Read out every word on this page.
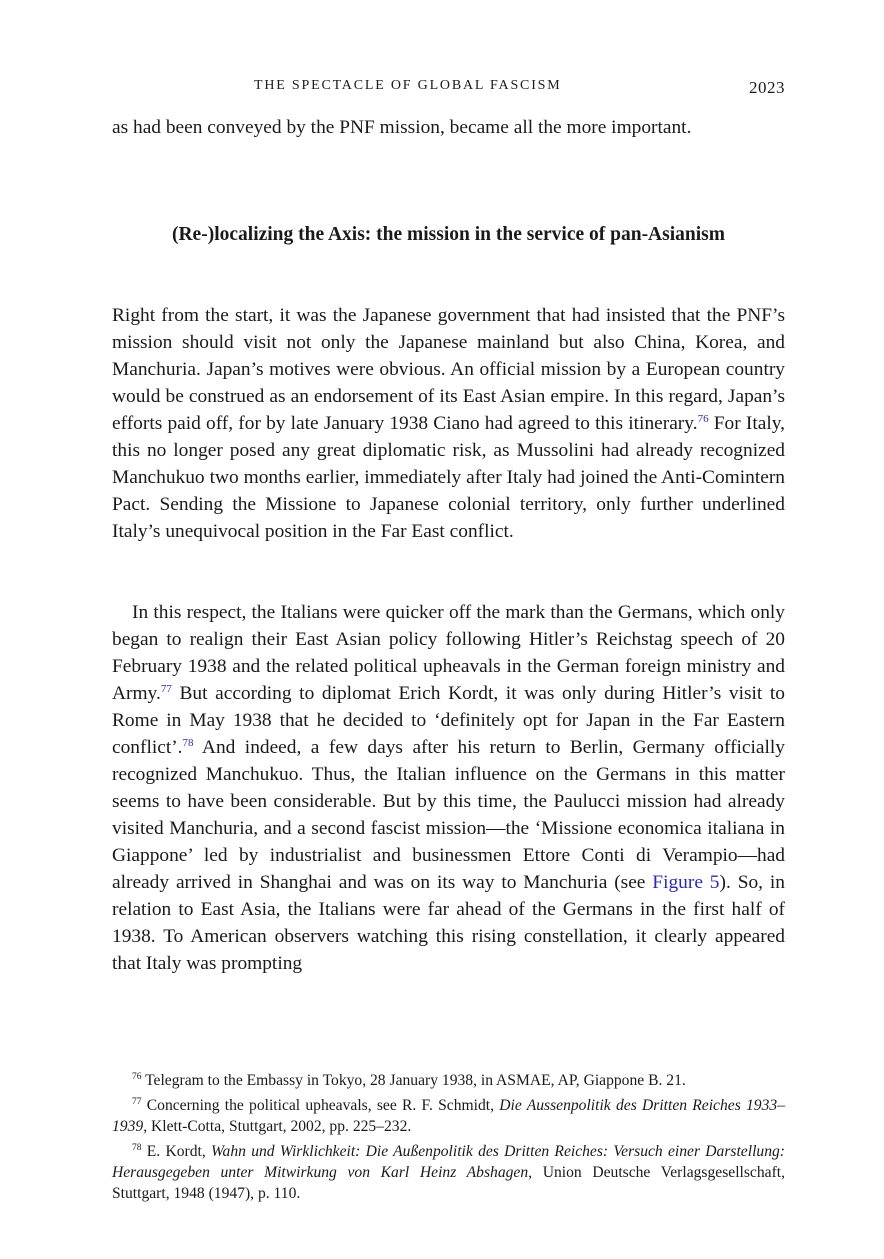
THE SPECTACLE OF GLOBAL FASCISM	2023

as had been conveyed by the PNF mission, became all the more important.

(Re-)localizing the Axis: the mission in the service of pan-Asianism

Right from the start, it was the Japanese government that had insisted that the PNF’s mission should visit not only the Japanese mainland but also China, Korea, and Manchuria. Japan’s motives were obvious. An official mission by a European country would be construed as an endorsement of its East Asian empire. In this regard, Japan’s efforts paid off, for by late January 1938 Ciano had agreed to this itinerary.$^{76}$ For Italy, this no longer posed any great diplomatic risk, as Mussolini had already recognized Manchukuo two months earlier, immediately after Italy had joined the Anti-Comintern Pact. Sending the Missione to Japanese colonial territory, only further underlined Italy’s unequivocal position in the Far East conflict.

In this respect, the Italians were quicker off the mark than the Germans, which only began to realign their East Asian policy following Hitler’s Reichstag speech of 20 February 1938 and the related political upheavals in the German foreign ministry and Army.$^{77}$ But according to diplomat Erich Kordt, it was only during Hitler’s visit to Rome in May 1938 that he decided to ‘definitely opt for Japan in the Far Eastern conflict’.$^{78}$ And indeed, a few days after his return to Berlin, Germany officially recognized Manchukuo. Thus, the Italian influence on the Germans in this matter seems to have been considerable. But by this time, the Paulucci mission had already visited Manchuria, and a second fascist mission—the ‘Missione economica italiana in Giappone’ led by industrialist and businessmen Ettore Conti di Verampio—had already arrived in Shanghai and was on its way to Manchuria (see Figure 5). So, in relation to East Asia, the Italians were far ahead of the Germans in the first half of 1938. To American observers watching this rising constellation, it clearly appeared that Italy was prompting

$^{76}$ Telegram to the Embassy in Tokyo, 28 January 1938, in ASMAE, AP, Giappone B. 21.

$^{77}$ Concerning the political upheavals, see R. F. Schmidt, Die Aussenpolitik des Dritten Reiches 1933–1939, Klett-Cotta, Stuttgart, 2002, pp. 225–232.

$^{78}$ E. Kordt, Wahn und Wirklichkeit: Die Außenpolitik des Dritten Reiches: Versuch einer Darstellung: Herausgegeben unter Mitwirkung von Karl Heinz Abshagen, Union Deutsche Verlagsgesellschaft, Stuttgart, 1948 (1947), p. 110.
